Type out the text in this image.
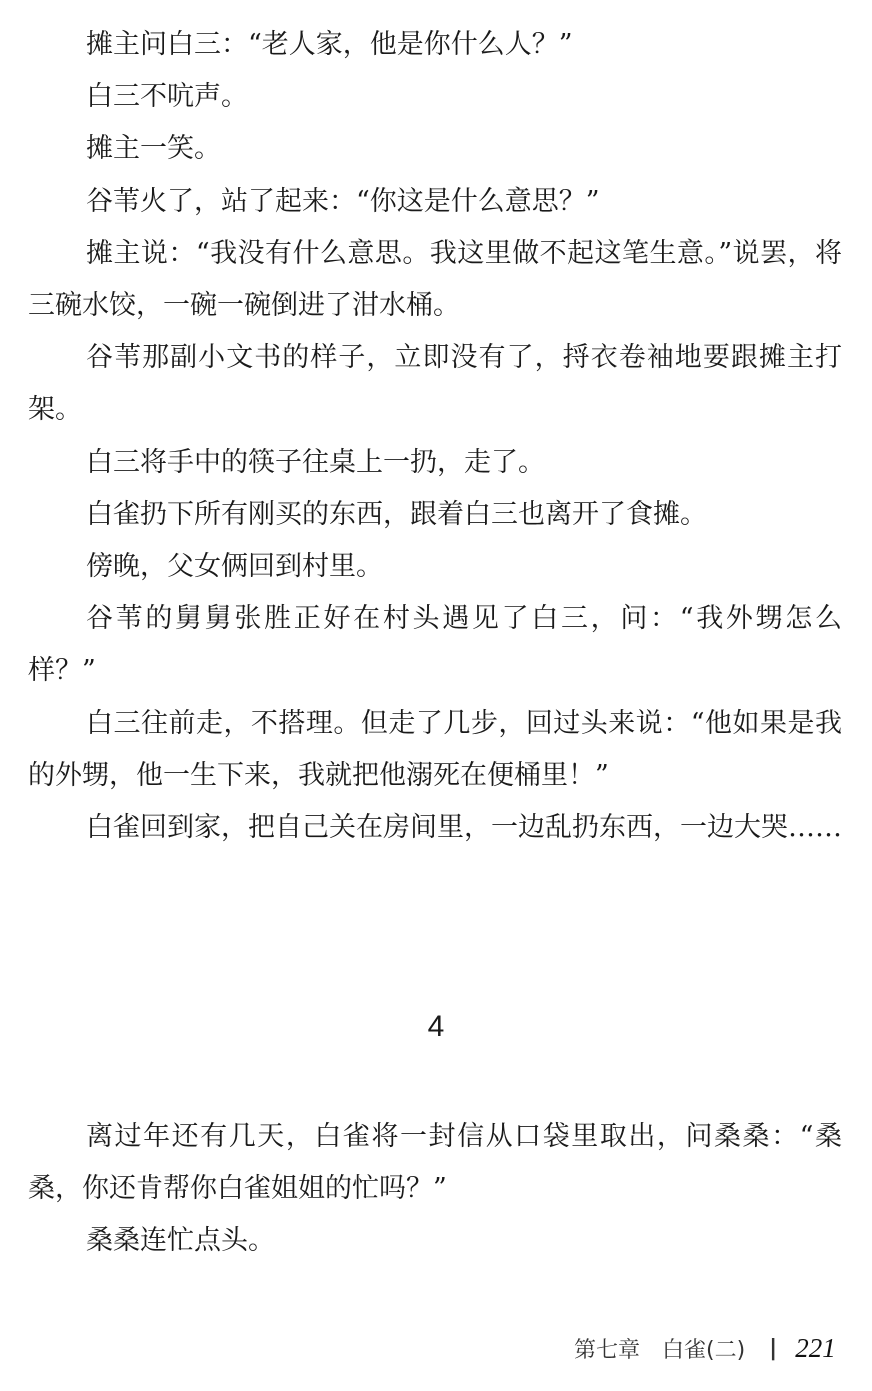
摊主问白三：“老人家，他是你什么人？”

白三不吭声。

摊主一笑。

谷苇火了，站了起来：“你这是什么意思？”

摊主说：“我没有什么意思。我这里做不起这笔生意。”说罢，将三碗水饺，一碗一碗倒进了泔水桶。

谷苇那副小文书的样子，立即没有了，捋衣卷袖地要跟摊主打架。

白三将手中的筷子往桌上一扔，走了。

白雀扔下所有刚买的东西，跟着白三也离开了食摊。

傍晚，父女俩回到村里。

谷苇的舅舅张胜正好在村头遇见了白三，问：“我外甥怎么样？”

白三往前走，不搭理。但走了几步，回过头来说：“他如果是我的外甥，他一生下来，我就把他溺死在便桶里！”

白雀回到家，把自己关在房间里，一边乱扔东西，一边大哭……

4

离过年还有几天，白雀将一封信从口袋里取出，问桑桑：“桑桑，你还肯帮你白雀姐姐的忙吗？”

桑桑连忙点头。

第七章　白雀(二) | 221
